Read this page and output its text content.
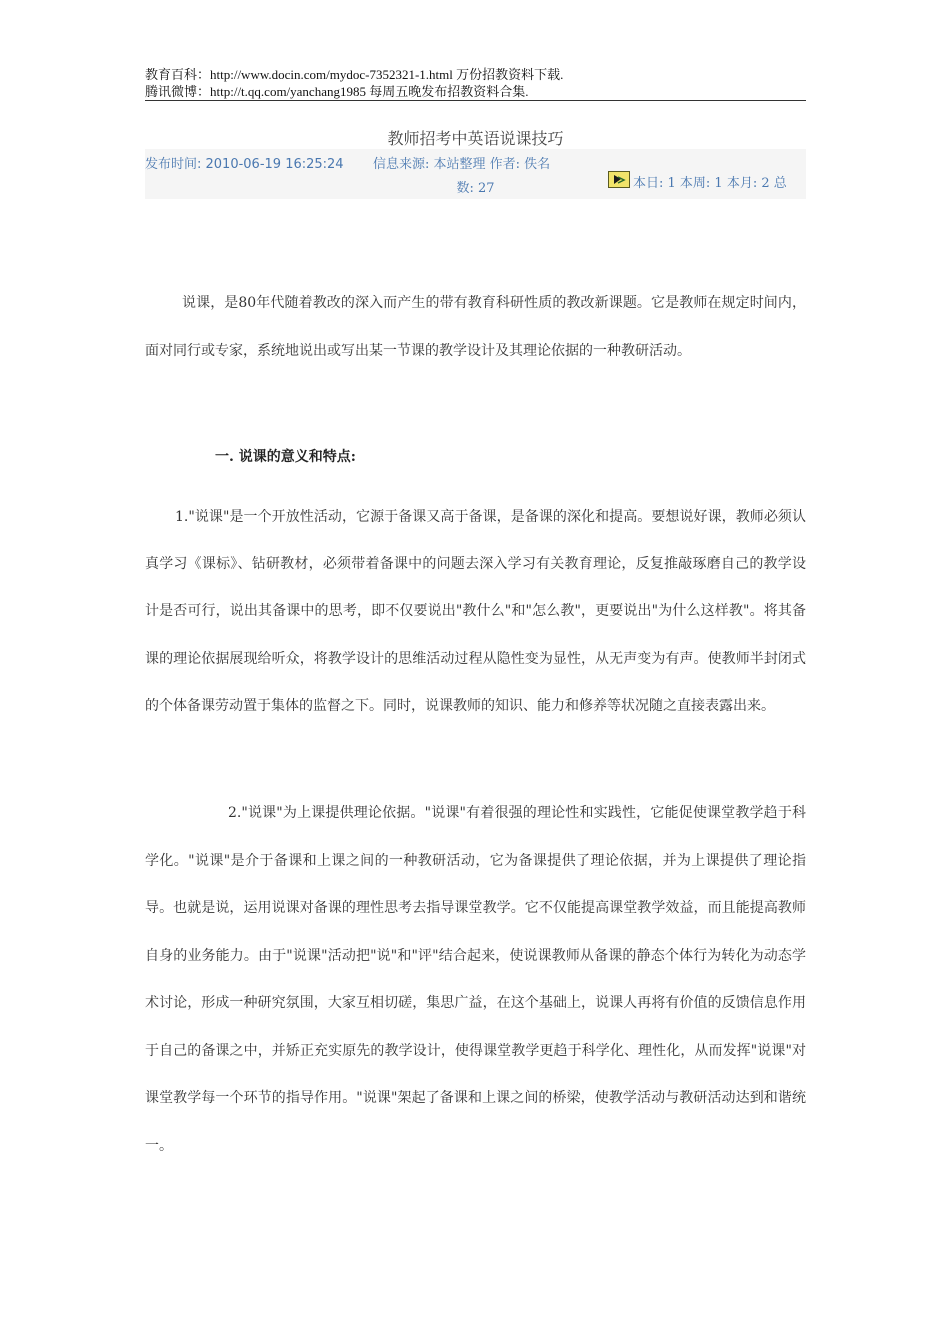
教育百科：http://www.docin.com/mydoc-7352321-1.html 万份招教资料下载.
腾讯微博：http://t.qq.com/yanchang1985 每周五晚发布招教资料合集.
教师招考中英语说课技巧
发布时间: 2010-06-19 16:25:24 信息来源: 本站整理 作者: 佚名
本日: 1 本周: 1 本月: 2 总
数: 27

说课，是80年代随着教改的深入而产生的带有教育科研性质的教改新课题。它是教师在规定时间内，面对同行或专家，系统地说出或写出某一节课的教学设计及其理论依据的一种教研活动。

一. 说课的意义和特点:

1."说课"是一个开放性活动，它源于备课又高于备课，是备课的深化和提高。要想说好课，教师必须认真学习《课标》、钻研教材，必须带着备课中的问题去深入学习有关教育理论，反复推敲琢磨自己的教学设计是否可行，说出其备课中的思考，即不仅要说出"教什么"和"怎么教"，更要说出"为什么这样教"。将其备课的理论依据展现给听众，将教学设计的思维活动过程从隐性变为显性，从无声变为有声。使教师半封闭式的个体备课劳动置于集体的监督之下。同时，说课教师的知识、能力和修养等状况随之直接表露出来。

2."说课"为上课提供理论依据。"说课"有着很强的理论性和实践性，它能促使课堂教学趋于科学化。"说课"是介于备课和上课之间的一种教研活动，它为备课提供了理论依据，并为上课提供了理论指导。也就是说，运用说课对备课的理性思考去指导课堂教学。它不仅能提高课堂教学效益，而且能提高教师自身的业务能力。由于"说课"活动把"说"和"评"结合起来，使说课教师从备课的静态个体行为转化为动态学术讨论，形成一种研究氛围，大家互相切磋，集思广益，在这个基础上，说课人再将有价值的反馈信息作用于自己的备课之中，并矫正充实原先的教学设计，使得课堂教学更趋于科学化、理性化，从而发挥"说课"对课堂教学每一个环节的指导作用。"说课"架起了备课和上课之间的桥梁，使教学活动与教研活动达到和谐统一。
